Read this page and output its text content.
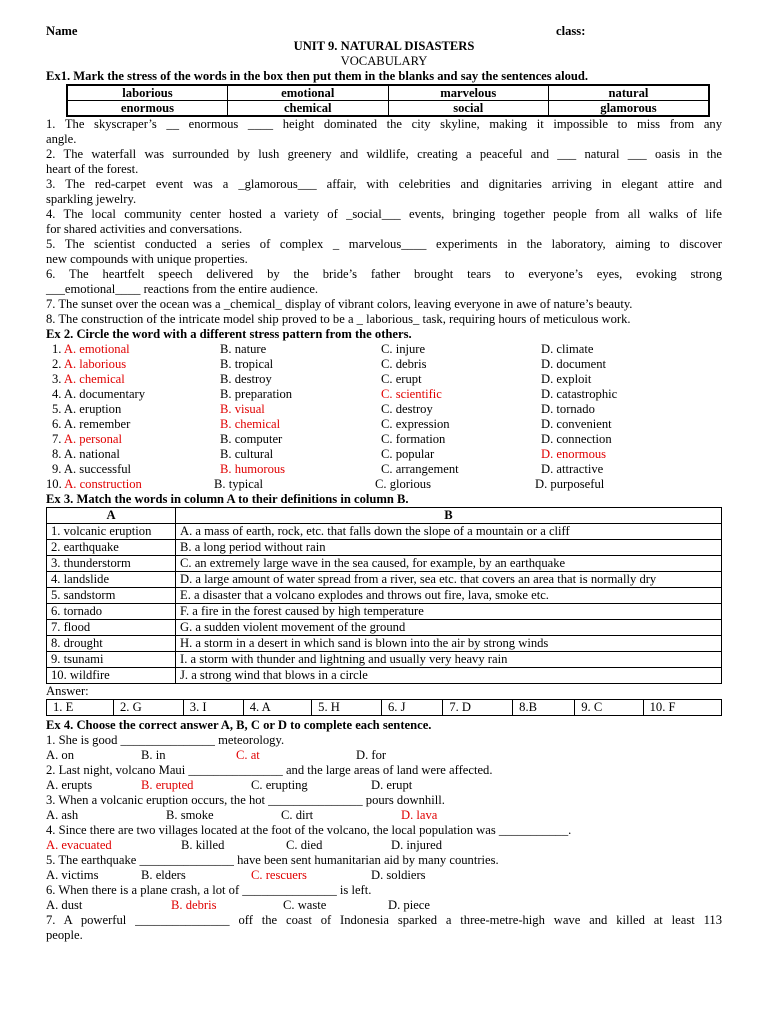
Name	class:
UNIT 9. NATURAL DISASTERS
VOCABULARY
Ex1. Mark the stress of the words in the box then put them in the blanks and say the sentences aloud.
laborious	emotional	marvelous	natural
enormous	chemical	social	glamorous
1. The skyscraper’s __ enormous ____ height dominated the city skyline, making it impossible to miss from any
angle.
2. The waterfall was surrounded by lush greenery and wildlife, creating a peaceful and ___ natural ___ oasis in the
heart of the forest.
3. The red-carpet event was a _glamorous___ affair, with celebrities and dignitaries arriving in elegant attire and
sparkling jewelry.
4. The local community center hosted a variety of _social___ events, bringing together people from all walks of life
for shared activities and conversations.
5. The scientist conducted a series of complex _ marvelous____ experiments in the laboratory, aiming to discover
new compounds with unique properties.
6. The heartfelt speech delivered by the bride’s father brought tears to everyone’s eyes, evoking strong
___emotional____ reactions from the entire audience.
7. The sunset over the ocean was a _chemical_ display of vibrant colors, leaving everyone in awe of nature’s beauty.
8. The construction of the intricate model ship proved to be a _ laborious_ task, requiring hours of meticulous work.
Ex 2. Circle the word with a different stress pattern from the others.
1. A. emotional	B. nature	C. injure	D. climate
2. A. laborious	B. tropical	C. debris	D. document
3. A. chemical	B. destroy	C. erupt	D. exploit
4. A. documentary	B. preparation	C. scientific	D. catastrophic
5. A. eruption	B. visual	C. destroy	D. tornado
6. A. remember	B. chemical	C. expression	D. convenient
7. A. personal	B. computer	C. formation	D. connection
8. A. national	B. cultural	C. popular	D. enormous
9. A. successful	B. humorous	C. arrangement	D. attractive
10. A. construction	B. typical	C. glorious	D. purposeful
Ex 3. Match the words in column A to their definitions in column B.
A	B
1. volcanic eruption	A. a mass of earth, rock, etc. that falls down the slope of a mountain or a cliff
2. earthquake	B. a long period without rain
3. thunderstorm	C. an extremely large wave in the sea caused, for example, by an earthquake
4. landslide	D. a large amount of water spread from a river, sea etc. that covers an area that is normally dry
5. sandstorm	E. a disaster that a volcano explodes and throws out fire, lava, smoke etc.
6. tornado	F. a fire in the forest caused by high temperature
7. flood	G. a sudden violent movement of the ground
8. drought	H. a storm in a desert in which sand is blown into the air by strong winds
9. tsunami	I. a storm with thunder and lightning and usually very heavy rain
10. wildfire	J. a strong wind that blows in a circle
Answer:
1. E	2. G	3. I	4. A	5. H	6. J	7. D	8.B	9. C	10. F
Ex 4. Choose the correct answer A, B, C or D to complete each sentence.
1. She is good _______________ meteorology.
A. on	B. in	C. at	D. for
2. Last night, volcano Maui _______________ and the large areas of land were affected.
A. erupts	B. erupted	C. erupting	D. erupt
3. When a volcanic eruption occurs, the hot _______________ pours downhill.
A. ash	B. smoke	C. dirt	D. lava
4. Since there are two villages located at the foot of the volcano, the local population was ___________.
A. evacuated	B. killed	C. died	D. injured
5. The earthquake _______________ have been sent humanitarian aid by many countries.
A. victims	B. elders	C. rescuers	D. soldiers
6. When there is a plane crash, a lot of _______________ is left.
A. dust	B. debris	C. waste	D. piece
7. A powerful _______________ off the coast of Indonesia sparked a three-metre-high wave and killed at least 113
people.
